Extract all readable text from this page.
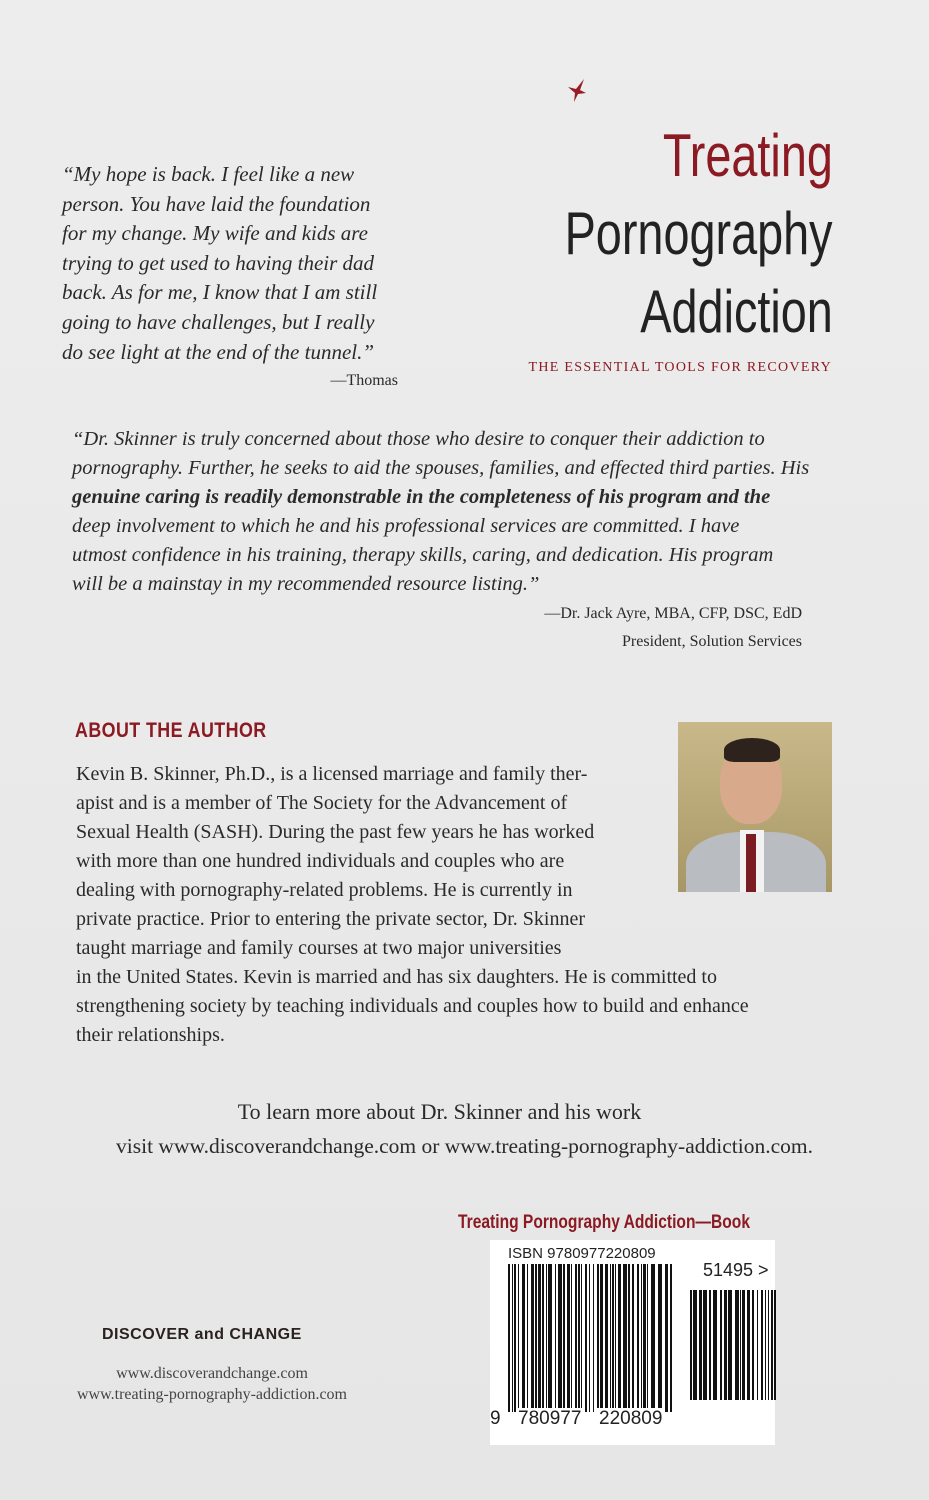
Treating
Pornography
Addiction
THE ESSENTIAL TOOLS FOR RECOVERY
“My hope is back. I feel like a new
person. You have laid the foundation
for my change. My wife and kids are
trying to get used to having their dad
back. As for me, I know that I am still
going to have challenges, but I really
do see light at the end of the tunnel.”
—Thomas
“Dr. Skinner is truly concerned about those who desire to conquer their addiction to
pornography. Further, he seeks to aid the spouses, families, and effected third parties. His
genuine caring is readily demonstrable in the completeness of his program and the
deep involvement to which he and his professional services are committed. I have
utmost confidence in his training, therapy skills, caring, and dedication. His program
will be a mainstay in my recommended resource listing.”
—Dr. Jack Ayre, MBA, CFP, DSC, EdD
President, Solution Services
ABOUT THE AUTHOR
Kevin B. Skinner, Ph.D., is a licensed marriage and family ther-
apist and is a member of The Society for the Advancement of
Sexual Health (SASH). During the past few years he has worked
with more than one hundred individuals and couples who are
dealing with pornography-related problems. He is currently in
private practice. Prior to entering the private sector, Dr. Skinner
taught marriage and family courses at two major universities
in the United States. Kevin is married and has six daughters. He is committed to
strengthening society by teaching individuals and couples how to build and enhance
their relationships.
To learn more about Dr. Skinner and his work
visit www.discoverandchange.com or www.treating-pornography-addiction.com.
Treating Pornography Addiction—Book
ISBN 9780977220809
51495 >
9 780977 220809
DISCOVER and CHANGE
www.discoverandchange.com
www.treating-pornography-addiction.com
